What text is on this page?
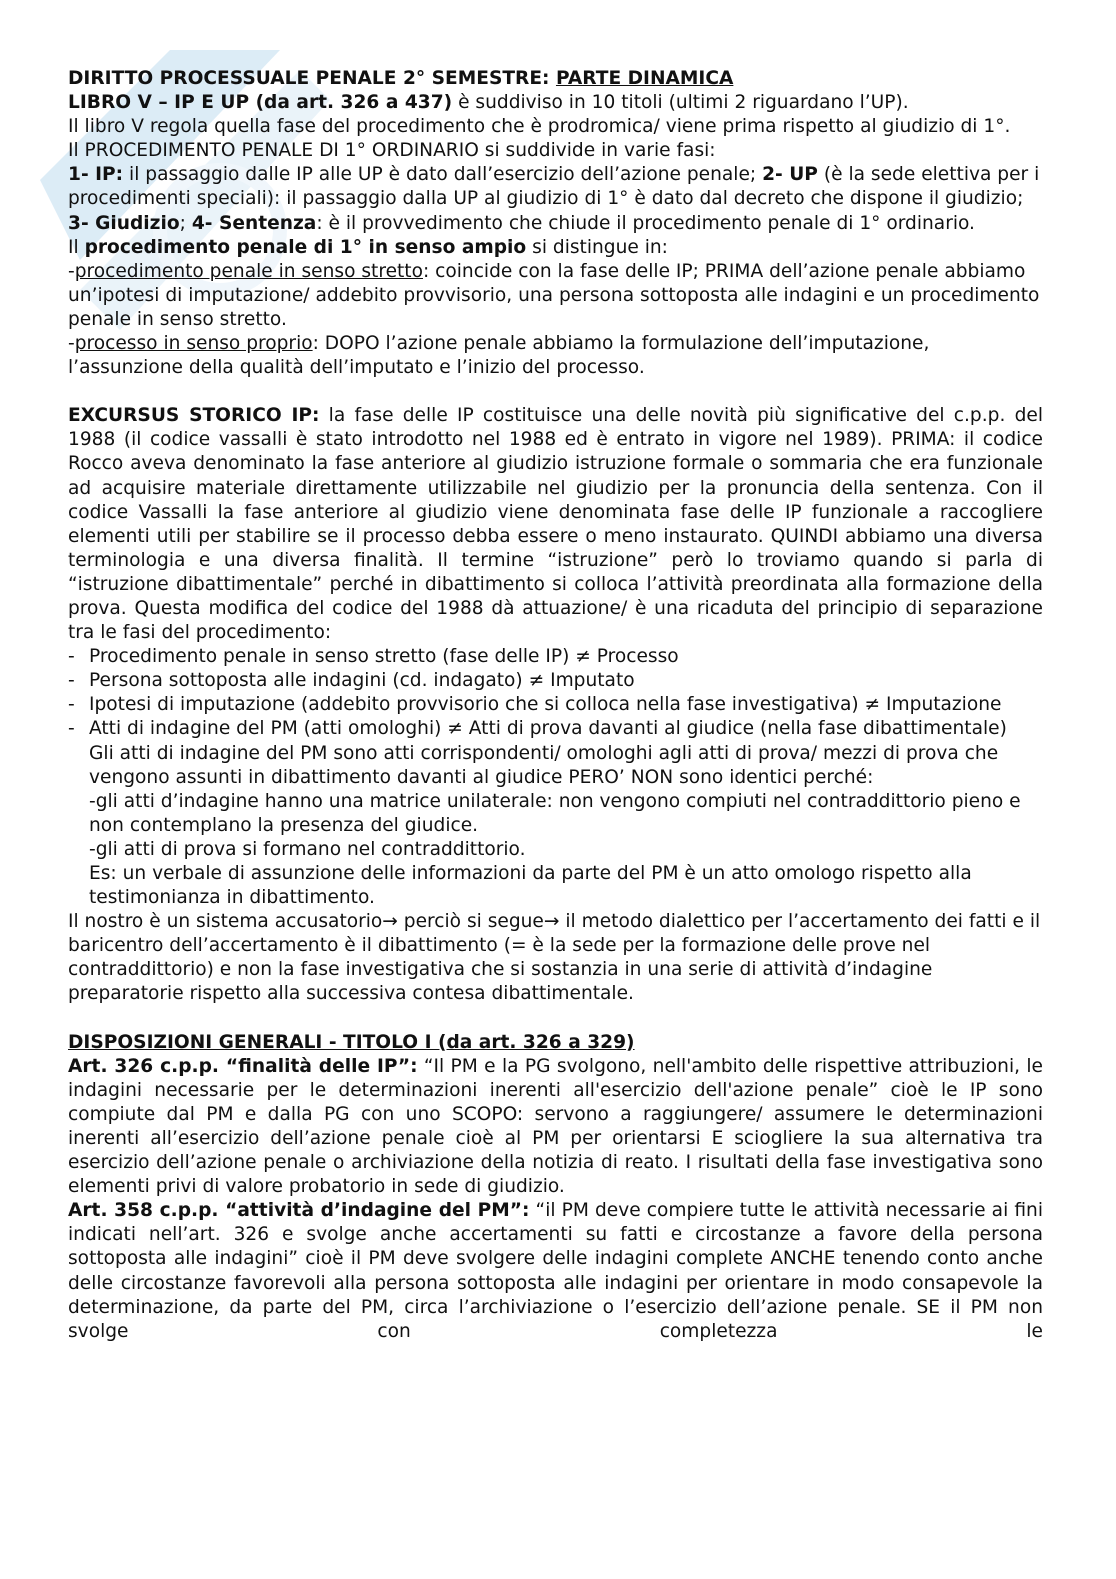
DIRITTO PROCESSUALE PENALE 2° SEMESTRE: PARTE DINAMICA

LIBRO V – IP E UP (da art. 326 a 437) è suddiviso in 10 titoli (ultimi 2 riguardano l’UP).

Il libro V regola quella fase del procedimento che è prodromica/ viene prima rispetto al giudizio di 1°.

Il PROCEDIMENTO PENALE DI 1° ORDINARIO si suddivide in varie fasi:

1- IP: il passaggio dalle IP alle UP è dato dall’esercizio dell’azione penale; 2- UP (è la sede elettiva per i procedimenti speciali): il passaggio dalla UP al giudizio di 1° è dato dal decreto che dispone il giudizio; 3- Giudizio; 4- Sentenza: è il provvedimento che chiude il procedimento penale di 1° ordinario.

Il procedimento penale di 1° in senso ampio si distingue in:

-procedimento penale in senso stretto: coincide con la fase delle IP; PRIMA dell’azione penale abbiamo un’ipotesi di imputazione/ addebito provvisorio, una persona sottoposta alle indagini e un procedimento penale in senso stretto.

-processo in senso proprio: DOPO l’azione penale abbiamo la formulazione dell’imputazione, l’assunzione della qualità dell’imputato e l’inizio del processo.

EXCURSUS STORICO IP: la fase delle IP costituisce una delle novità più significative del c.p.p. del 1988 (il codice vassalli è stato introdotto nel 1988 ed è entrato in vigore nel 1989). PRIMA: il codice Rocco aveva denominato la fase anteriore al giudizio istruzione formale o sommaria che era funzionale ad acquisire materiale direttamente utilizzabile nel giudizio per la pronuncia della sentenza. Con il codice Vassalli la fase anteriore al giudizio viene denominata fase delle IP funzionale a raccogliere elementi utili per stabilire se il processo debba essere o meno instaurato. QUINDI abbiamo una diversa terminologia e una diversa finalità. Il termine “istruzione” però lo troviamo quando si parla di “istruzione dibattimentale” perché in dibattimento si colloca l’attività preordinata alla formazione della prova. Questa modifica del codice del 1988 dà attuazione/ è una ricaduta del principio di separazione tra le fasi del procedimento:

- Procedimento penale in senso stretto (fase delle IP) ≠ Processo
- Persona sottoposta alle indagini (cd. indagato) ≠ Imputato
- Ipotesi di imputazione (addebito provvisorio che si colloca nella fase investigativa) ≠ Imputazione
- Atti di indagine del PM (atti omologhi) ≠ Atti di prova davanti al giudice (nella fase dibattimentale)

Gli atti di indagine del PM sono atti corrispondenti/ omologhi agli atti di prova/ mezzi di prova che vengono assunti in dibattimento davanti al giudice PERO’ NON sono identici perché:

-gli atti d’indagine hanno una matrice unilaterale: non vengono compiuti nel contraddittorio pieno e non contemplano la presenza del giudice.

-gli atti di prova si formano nel contraddittorio.

Es: un verbale di assunzione delle informazioni da parte del PM è un atto omologo rispetto alla testimonianza in dibattimento.

Il nostro è un sistema accusatorio→ perciò si segue→ il metodo dialettico per l’accertamento dei fatti e il baricentro dell’accertamento è il dibattimento (= è la sede per la formazione delle prove nel contraddittorio) e non la fase investigativa che si sostanzia in una serie di attività d’indagine preparatorie rispetto alla successiva contesa dibattimentale.

DISPOSIZIONI GENERALI - TITOLO I (da art. 326 a 329)

Art. 326 c.p.p. “finalità delle IP”: “Il PM e la PG svolgono, nell'ambito delle rispettive attribuzioni, le indagini necessarie per le determinazioni inerenti all'esercizio dell'azione penale” cioè le IP sono compiute dal PM e dalla PG con uno SCOPO: servono a raggiungere/ assumere le determinazioni inerenti all’esercizio dell’azione penale cioè al PM per orientarsi E sciogliere la sua alternativa tra esercizio dell’azione penale o archiviazione della notizia di reato. I risultati della fase investigativa sono elementi privi di valore probatorio in sede di giudizio.

Art. 358 c.p.p. “attività d’indagine del PM”: “il PM deve compiere tutte le attività necessarie ai fini indicati nell’art. 326 e svolge anche accertamenti su fatti e circostanze a favore della persona sottoposta alle indagini” cioè il PM deve svolgere delle indagini complete ANCHE tenendo conto anche delle circostanze favorevoli alla persona sottoposta alle indagini per orientare in modo consapevole la determinazione, da parte del PM, circa l’archiviazione o l’esercizio dell’azione penale. SE il PM non svolge con completezza le
